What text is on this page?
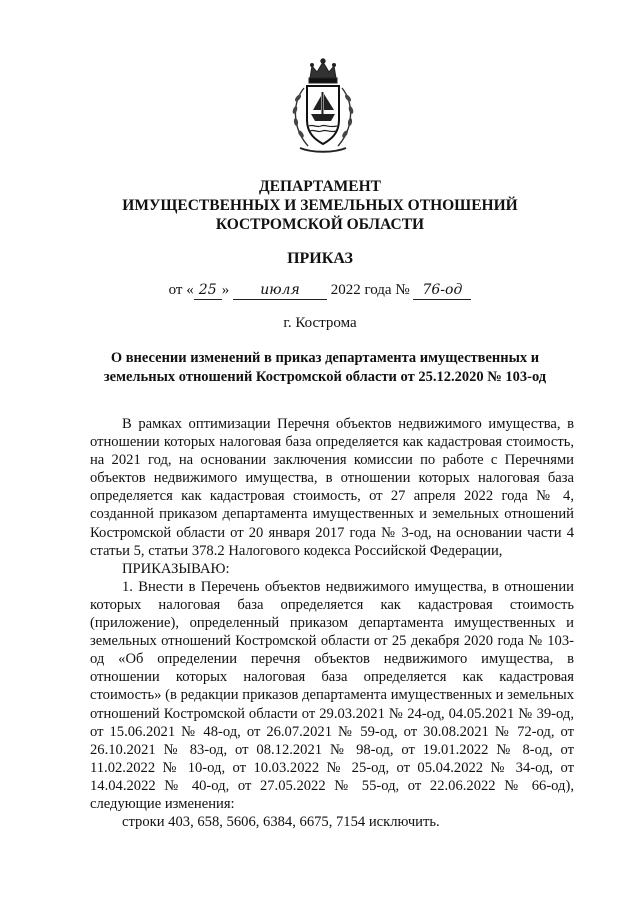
ДЕПАРТАМЕНТ
ИМУЩЕСТВЕННЫХ И ЗЕМЕЛЬНЫХ ОТНОШЕНИЙ
КОСТРОМСКОЙ ОБЛАСТИ
ПРИКАЗ
от « 25 » июля 2022 года № 76-од
г. Кострома
О внесении изменений в приказ департамента имущественных и земельных отношений Костромской области от 25.12.2020 № 103-од

В рамках оптимизации Перечня объектов недвижимого имущества, в отношении которых налоговая база определяется как кадастровая стоимость, на 2021 год, на основании заключения комиссии по работе с Перечнями объектов недвижимого имущества, в отношении которых налоговая база определяется как кадастровая стоимость, от 27 апреля 2022 года № 4, созданной приказом департамента имущественных и земельных отношений Костромской области от 20 января 2017 года № 3-од, на основании части 4 статьи 5, статьи 378.2 Налогового кодекса Российской Федерации,

ПРИКАЗЫВАЮ:

1. Внести в Перечень объектов недвижимого имущества, в отношении которых налоговая база определяется как кадастровая стоимость (приложение), определенный приказом департамента имущественных и земельных отношений Костромской области от 25 декабря 2020 года № 103-од «Об определении перечня объектов недвижимого имущества, в отношении которых налоговая база определяется как кадастровая стоимость» (в редакции приказов департамента имущественных и земельных отношений Костромской области от 29.03.2021 № 24-од, 04.05.2021 № 39-од, от 15.06.2021 № 48-од, от 26.07.2021 № 59-од, от 30.08.2021 № 72-од, от 26.10.2021 № 83-од, от 08.12.2021 № 98-од, от 19.01.2022 № 8-од, от 11.02.2022 № 10-од, от 10.03.2022 № 25-од, от 05.04.2022 № 34-од, от 14.04.2022 № 40-од, от 27.05.2022 № 55-од, от 22.06.2022 № 66-од), следующие изменения:

строки 403, 658, 5606, 6384, 6675, 7154 исключить.
